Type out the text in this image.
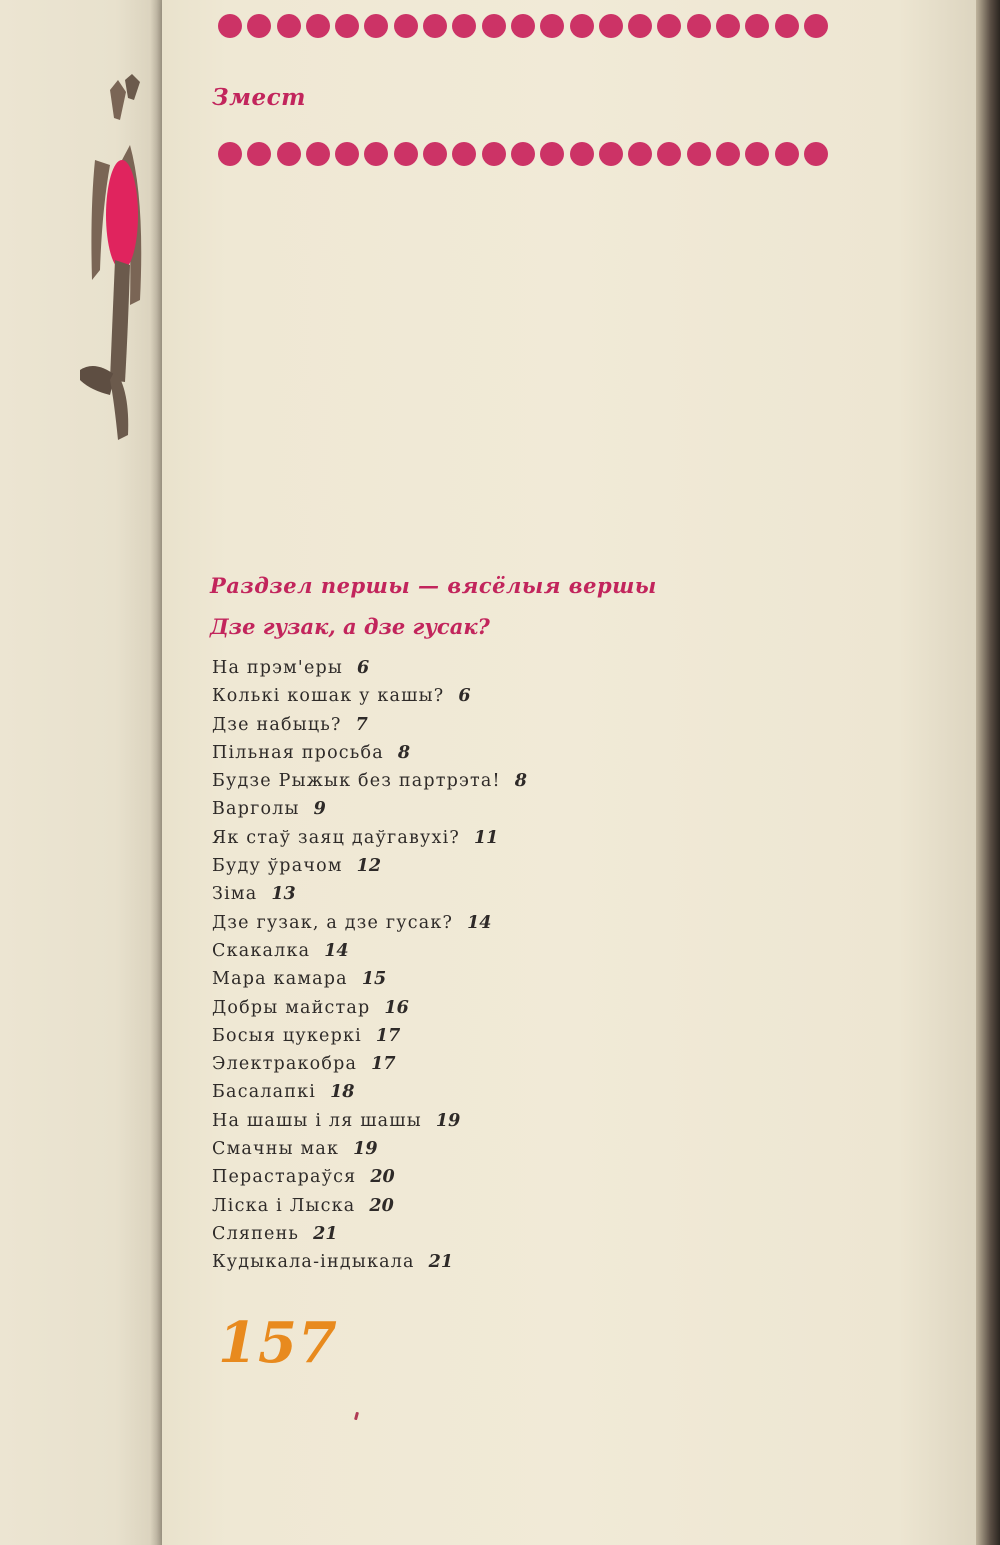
Змест
Раздзел першы — вясёлыя вершы
Дзе гузак, а дзе гусак?
На прэм'еры 6
Колькі кошак у кашы? 6
Дзе набыць? 7
Пільная просьба 8
Будзе Рыжык без партрэта! 8
Варголы 9
Як стаў заяц даўгавухі? 11
Буду ўрачом 12
Зіма 13
Дзе гузак, а дзе гусак? 14
Скакалка 14
Мара камара 15
Добры майстар 16
Босыя цукеркі 17
Электракобра 17
Басалапкі 18
На шашы і ля шашы 19
Смачны мак 19
Перастараўся 20
Ліска і Лыска 20
Сляпень 21
Кудыкала-індыкала 21
157
